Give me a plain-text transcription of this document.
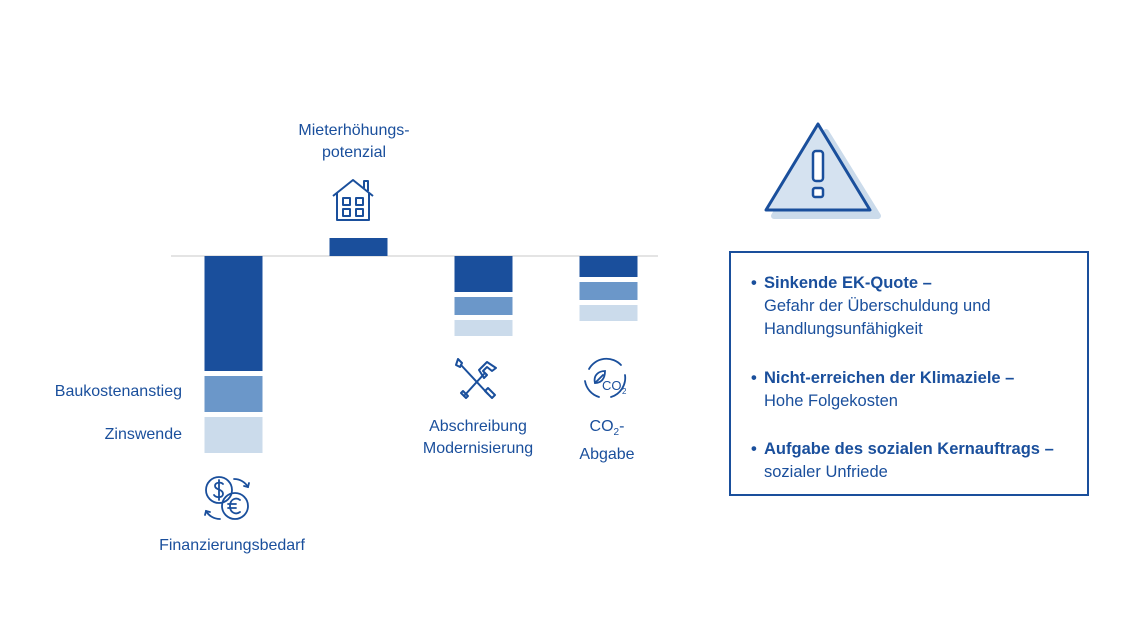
Mieterhöhungs-
potenzial
Baukostenanstieg
Zinswende	Abschreibung
Modernisierung
$CO_2-$
Abgabe
Finanzierungsbedarf
CO 2
• Sinkende EK-Quote –
Gefahr der Überschuldung und
Handlungsunfähigkeit
• Nicht-erreichen der Klimaziele –
Hohe Folgekosten
• Aufgabe des sozialen Kernauftrags –
sozialer Unfriede
